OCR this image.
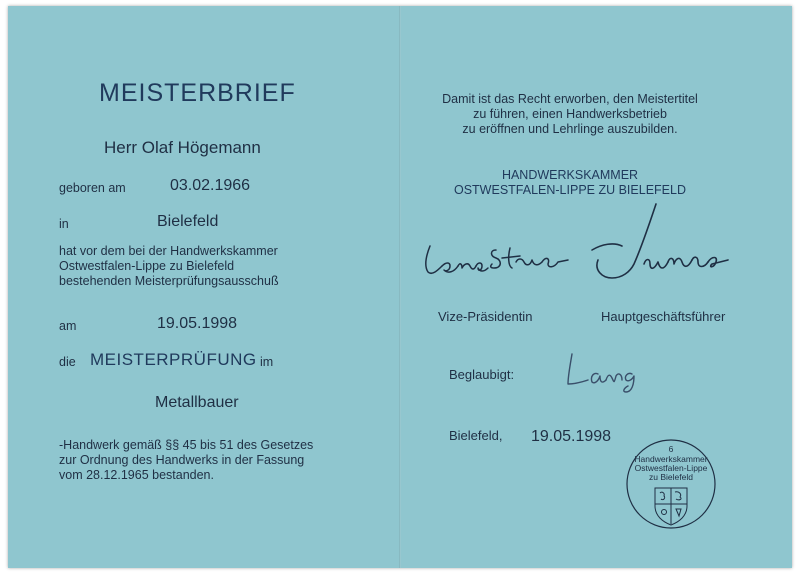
MEISTERBRIEF
Herr Olaf Högemann
geboren am	03.02.1966
in	Bielefeld
hat vor dem bei der Handwerkskammer
Ostwestfalen-Lippe zu Bielefeld
bestehenden Meisterprüfungsausschuß
am	19.05.1998
die MEISTERPRÜFUNG im
Metallbauer
-Handwerk gemäß §§ 45 bis 51 des Gesetzes
zur Ordnung des Handwerks in der Fassung
vom 28.12.1965 bestanden.
Damit ist das Recht erworben, den Meistertitel
zu führen, einen Handwerksbetrieb
zu eröffnen und Lehrlinge auszubilden.
HANDWERKSKAMMER
OSTWESTFALEN-LIPPE ZU BIELEFELD
Vize-Präsidentin	Hauptgeschäftsführer
Beglaubigt:
Bielefeld, 19.05.1998
6
Handwerkskammer
Ostwestfalen-Lippe
zu Bielefeld
